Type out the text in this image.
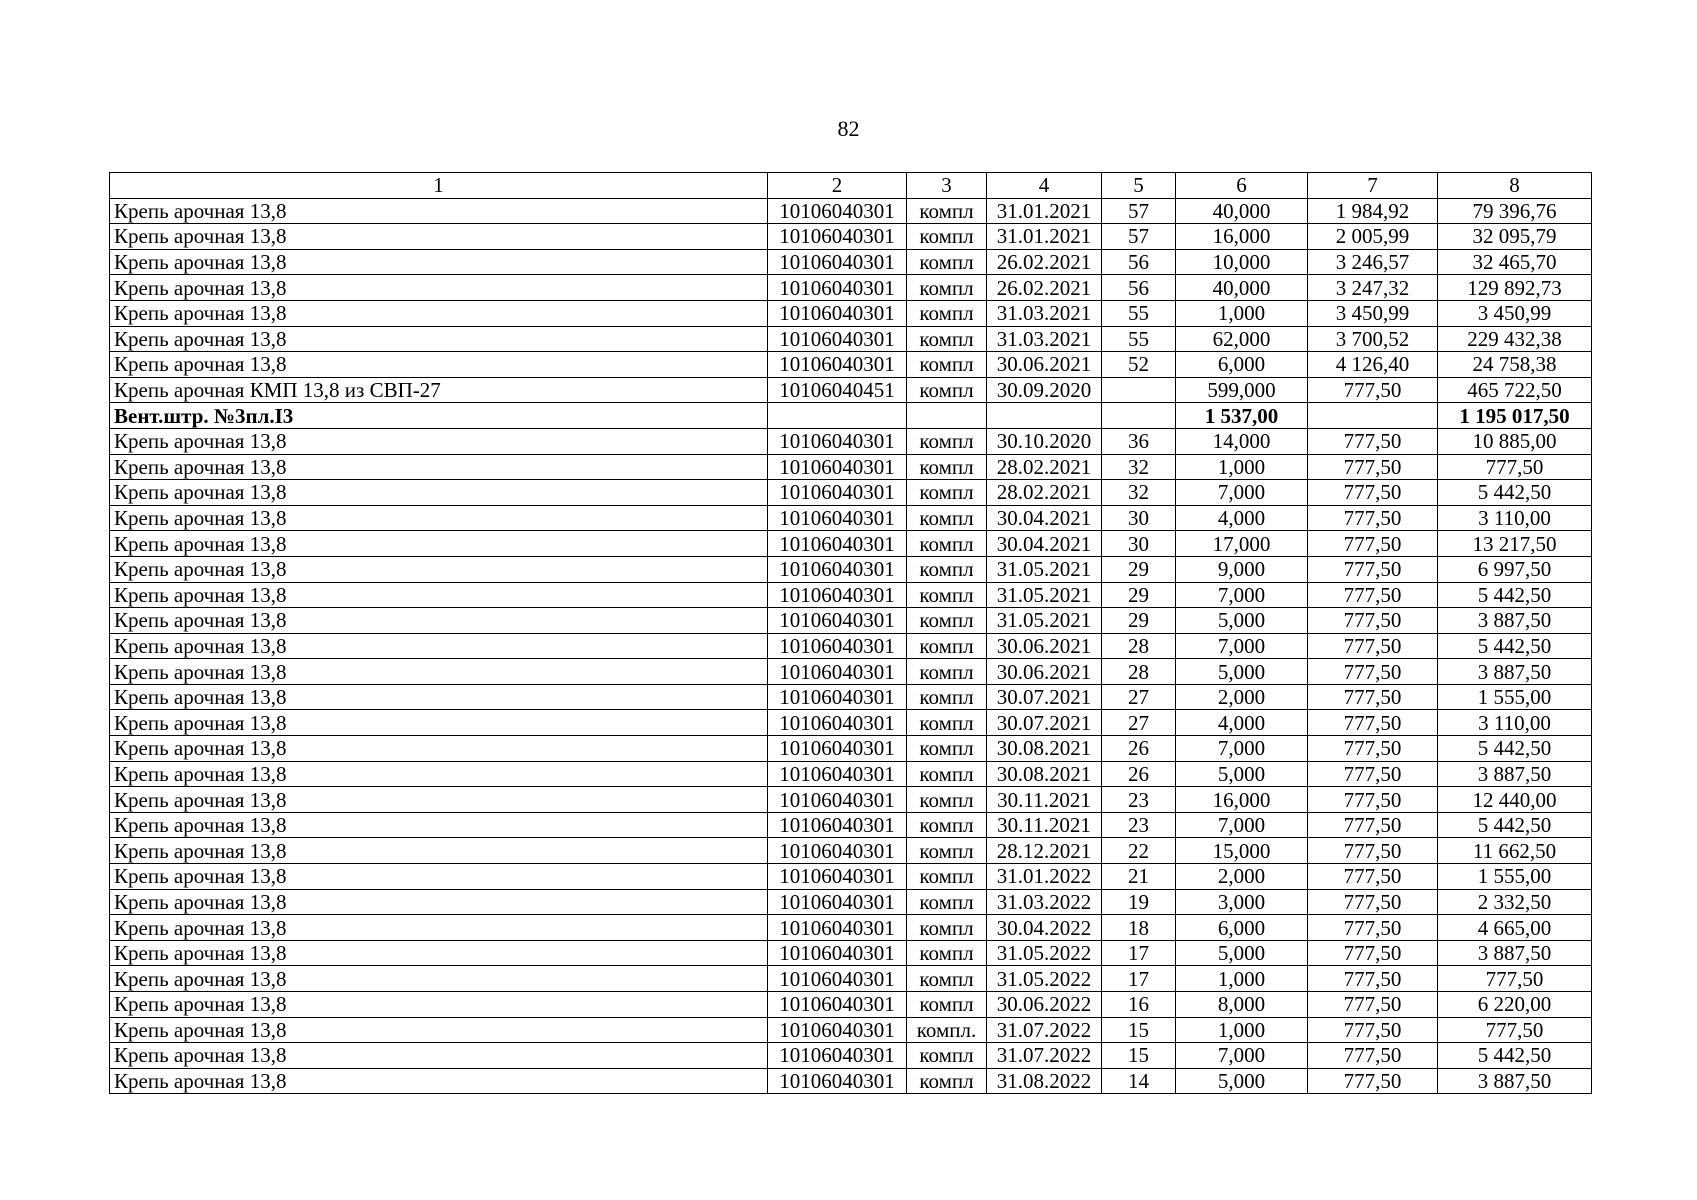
82
1	2	3	4	5	6	7	8
Крепь арочная 13,8	10106040301	компл	31.01.2021	57	40,000	1 984,92	79 396,76
Крепь арочная 13,8	10106040301	компл	31.01.2021	57	16,000	2 005,99	32 095,79
Крепь арочная 13,8	10106040301	компл	26.02.2021	56	10,000	3 246,57	32 465,70
Крепь арочная 13,8	10106040301	компл	26.02.2021	56	40,000	3 247,32	129 892,73
Крепь арочная 13,8	10106040301	компл	31.03.2021	55	1,000	3 450,99	3 450,99
Крепь арочная 13,8	10106040301	компл	31.03.2021	55	62,000	3 700,52	229 432,38
Крепь арочная 13,8	10106040301	компл	30.06.2021	52	6,000	4 126,40	24 758,38
Крепь арочная КМП 13,8 из СВП-27	10106040451	компл	30.09.2020		599,000	777,50	465 722,50
Вент.штр. №3пл.I3					1 537,00		1 195 017,50
Крепь арочная 13,8	10106040301	компл	30.10.2020	36	14,000	777,50	10 885,00
Крепь арочная 13,8	10106040301	компл	28.02.2021	32	1,000	777,50	777,50
Крепь арочная 13,8	10106040301	компл	28.02.2021	32	7,000	777,50	5 442,50
Крепь арочная 13,8	10106040301	компл	30.04.2021	30	4,000	777,50	3 110,00
Крепь арочная 13,8	10106040301	компл	30.04.2021	30	17,000	777,50	13 217,50
Крепь арочная 13,8	10106040301	компл	31.05.2021	29	9,000	777,50	6 997,50
Крепь арочная 13,8	10106040301	компл	31.05.2021	29	7,000	777,50	5 442,50
Крепь арочная 13,8	10106040301	компл	31.05.2021	29	5,000	777,50	3 887,50
Крепь арочная 13,8	10106040301	компл	30.06.2021	28	7,000	777,50	5 442,50
Крепь арочная 13,8	10106040301	компл	30.06.2021	28	5,000	777,50	3 887,50
Крепь арочная 13,8	10106040301	компл	30.07.2021	27	2,000	777,50	1 555,00
Крепь арочная 13,8	10106040301	компл	30.07.2021	27	4,000	777,50	3 110,00
Крепь арочная 13,8	10106040301	компл	30.08.2021	26	7,000	777,50	5 442,50
Крепь арочная 13,8	10106040301	компл	30.08.2021	26	5,000	777,50	3 887,50
Крепь арочная 13,8	10106040301	компл	30.11.2021	23	16,000	777,50	12 440,00
Крепь арочная 13,8	10106040301	компл	30.11.2021	23	7,000	777,50	5 442,50
Крепь арочная 13,8	10106040301	компл	28.12.2021	22	15,000	777,50	11 662,50
Крепь арочная 13,8	10106040301	компл	31.01.2022	21	2,000	777,50	1 555,00
Крепь арочная 13,8	10106040301	компл	31.03.2022	19	3,000	777,50	2 332,50
Крепь арочная 13,8	10106040301	компл	30.04.2022	18	6,000	777,50	4 665,00
Крепь арочная 13,8	10106040301	компл	31.05.2022	17	5,000	777,50	3 887,50
Крепь арочная 13,8	10106040301	компл	31.05.2022	17	1,000	777,50	777,50
Крепь арочная 13,8	10106040301	компл	30.06.2022	16	8,000	777,50	6 220,00
Крепь арочная 13,8	10106040301	компл.	31.07.2022	15	1,000	777,50	777,50
Крепь арочная 13,8	10106040301	компл	31.07.2022	15	7,000	777,50	5 442,50
Крепь арочная 13,8	10106040301	компл	31.08.2022	14	5,000	777,50	3 887,50
